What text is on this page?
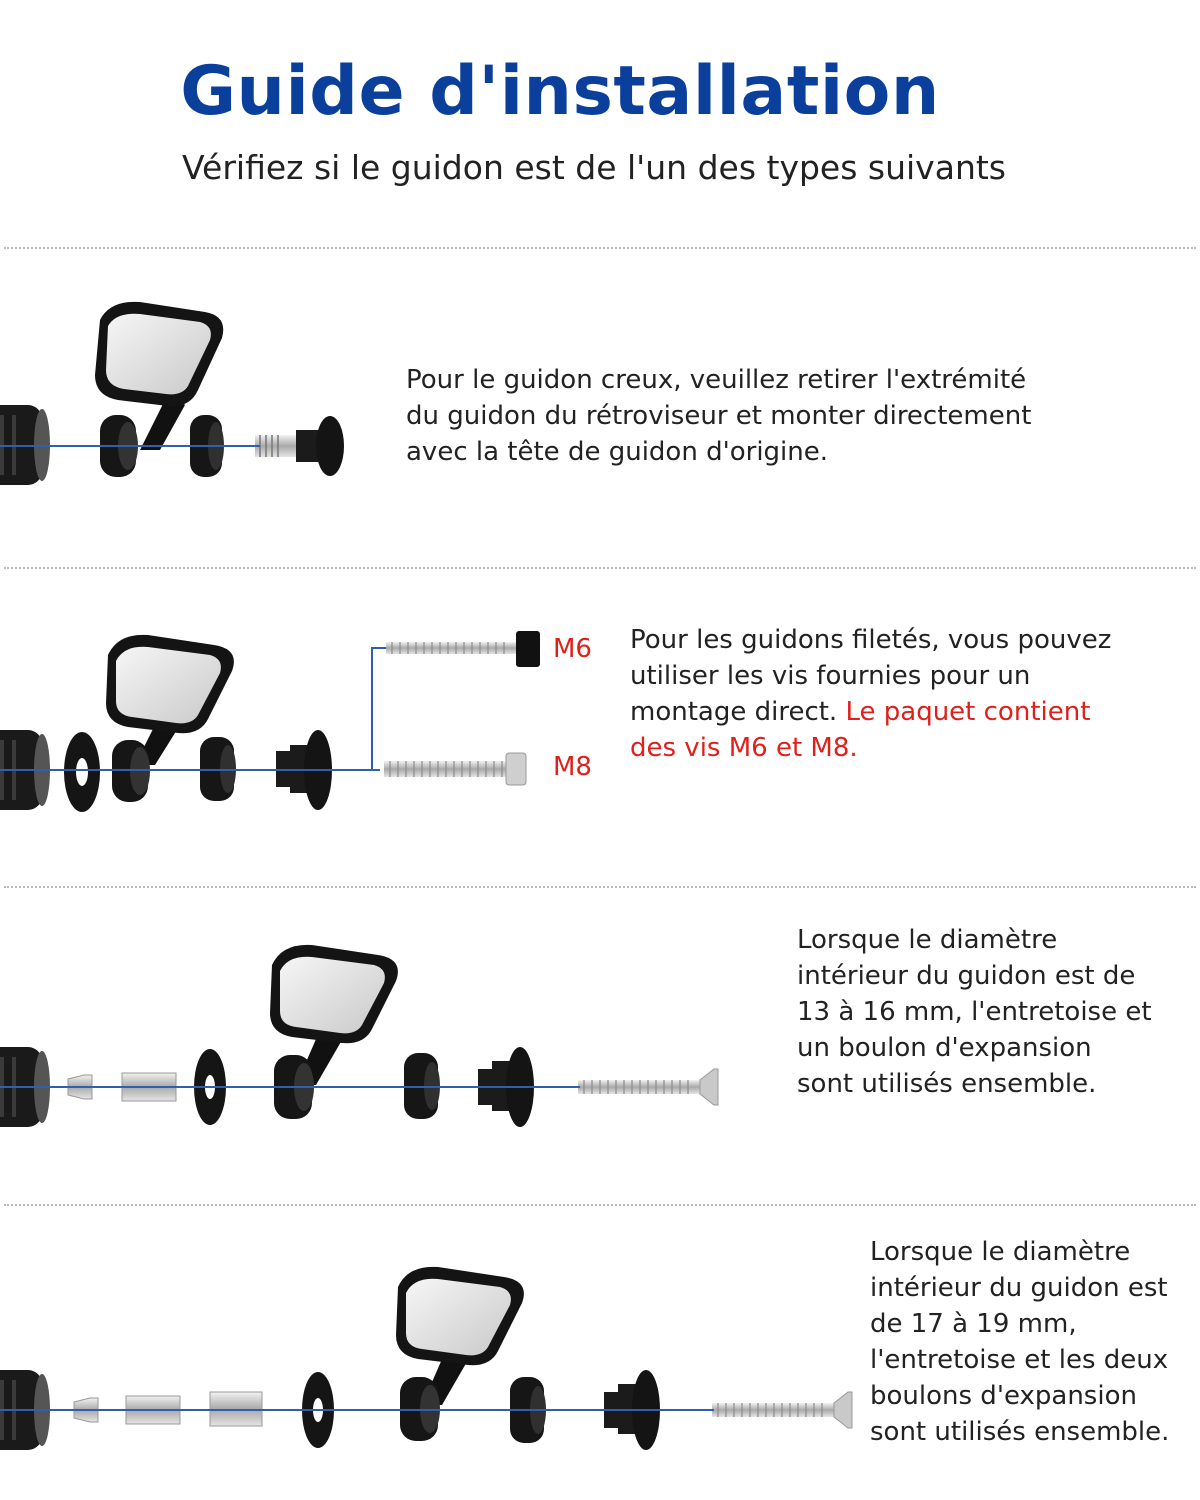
Guide d'installation
Vérifiez si le guidon est de l'un des types suivants
Pour le guidon creux, veuillez retirer l'extrémité
du guidon du rétroviseur et monter directement
avec la tête de guidon d'origine.
M6
M8
Pour les guidons filetés, vous pouvez
utiliser les vis fournies pour un
montage direct. Le paquet contient
des vis M6 et M8.
Lorsque le diamètre
intérieur du guidon est de
13 à 16 mm, l'entretoise et
un boulon d'expansion
sont utilisés ensemble.
Lorsque le diamètre
intérieur du guidon est
de 17 à 19 mm,
l'entretoise et les deux
boulons d'expansion
sont utilisés ensemble.
